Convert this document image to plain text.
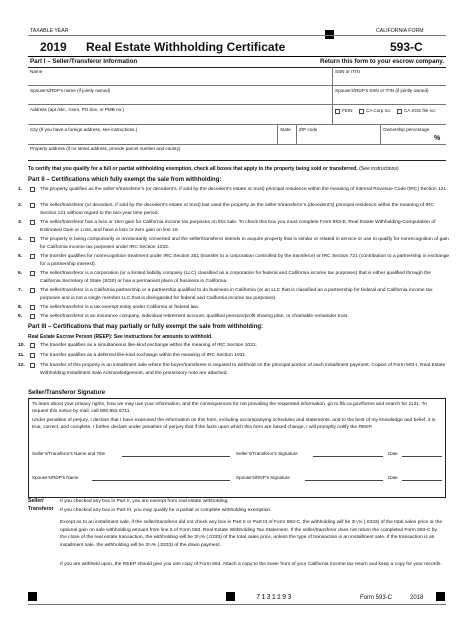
TAXABLE YEAR	CALIFORNIA FORM
2019 Real Estate Withholding Certificate	593-C
Part I – Seller/Transferor Information	Return this form to your escrow company.
Name	SSN or ITIN
Spouse’s/RDP’s name (if jointly owned)	Spouse’s/RDP’s SSN or ITIN (if jointly owned)
Address (apt./ste., room, PO box, or PMB no.)	FEIN	CA Corp no.	CA SOS file no.
City (If you have a foreign address, see instructions.)	State ZIP code	Ownership percentage
%
Property address (if no street address, provide parcel number and county)
To certify that you qualify for a full or partial withholding exemption, check all boxes that apply to the property being sold or transferred. (See instructions)
Part II – Certifications which fully exempt the sale from withholding:
1.	The property qualifies as the seller’s/transferor’s (or decedent’s, if sold by the decedent’s estate or trust) principal residence within the meaning of Internal Revenue Code (IRC) Section 121.
2.	The seller/transferor (or decedent, if sold by the decedent’s estate or trust) last used the property as the seller’s/transferor’s (decedent’s) principal residence within the meaning of IRC Section 121 without regard to the two-year time period.
3.	The seller/transferor has a loss or zero gain for California income tax purposes on this sale. To check this box you must complete Form 593-E, Real Estate Withholding-Computation of Estimated Gain or Loss, and have a loss or zero gain on line 16.
4.	The property is being compulsorily or involuntarily converted and the seller/transferor intends to acquire property that is similar or related in service or use to qualify for nonrecognition of gain for California income tax purposes under IRC Section 1033.
5.	The transfer qualifies for nonrecognition treatment under IRC Section 351 (transfer to a corporation controlled by the transferor) or IRC Section 721 (contribution to a partnership in exchange for a partnership interest).
6.	The seller/transferor is a corporation (or a limited liability company (LLC) classified as a corporation for federal and California income tax purposes) that is either qualified through the California Secretary of State (SOS) or has a permanent place of business in California.
7.	The seller/transferor is a California partnership or a partnership qualified to do business in California (or an LLC that is classified as a partnership for federal and California income tax purposes and is not a single member LLC that is disregarded for federal and California income tax purposes).
8.	The seller/transferor is a tax-exempt entity under California or federal law.
9.	The seller/transferor is an insurance company, individual retirement account, qualified pension/profit sharing plan, or charitable remainder trust.
Part III – Certifications that may partially or fully exempt the sale from withholding:
Real Estate Escrow Person (REEP): See instructions for amounts to withhold.
10.	The transfer qualifies as a simultaneous like-kind exchange within the meaning of IRC Section 1031.
11.	The transfer qualifies as a deferred like-kind exchange within the meaning of IRC Section 1031.
12.	The transfer of this property is an installment sale where the buyer/transferee is required to withhold on the principal portion of each installment payment. Copies of Form 593-I, Real Estate Withholding Installment Sale Acknowledgement, and the promissory note are attached.
Seller/Transferor Signature
To learn about your privacy rights, how we may use your information, and the consequences for not providing the requested information, go to ftb.ca.gov/forms and search for 1131. To request this notice by mail, call 800.852.5711.
Under penalties of perjury, I declare that I have examined the information on this form, including accompanying schedules and statements, and to the best of my knowledge and belief, it is true, correct, and complete. I further declare under penalties of perjury that if the facts upon which this form are based change, I will promptly notify the REEP.
Seller’s/Transferor’s Name and Title	Seller’s/Transferor’s Signature	Date
Spouse’s/RDP’s Name	Spouse’s/RDP’s Signature	Date
Seller/
Transferor
If you checked any box in Part II, you are exempt from real estate withholding.
If you checked any box in Part III, you may qualify for a partial or complete withholding exemption.
Except as to an installment sale, if the seller/transferor did not check any box in Part II or Part III of Form 593-C, the withholding will be 3ⁱ⁄₃% (.0333) of the total sales price or the optional gain on sale withholding amount from line 5 of Form 593, Real Estate Withholding Tax Statement. If the seller/transferor does not return the completed Form 593-C by the close of the real estate transaction, the withholding will be 3ⁱ⁄₃% (.0333) of the total sales price, unless the type of transaction is an installment sale. If the transaction is an installment sale, the withholding will be 3ⁱ⁄₃% (.0333) of the down payment.
If you are withheld upon, the REEP should give you one copy of Form 593. Attach a copy to the lower front of your California income tax return and keep a copy for your records.
7131193	Form 593-C	2018
